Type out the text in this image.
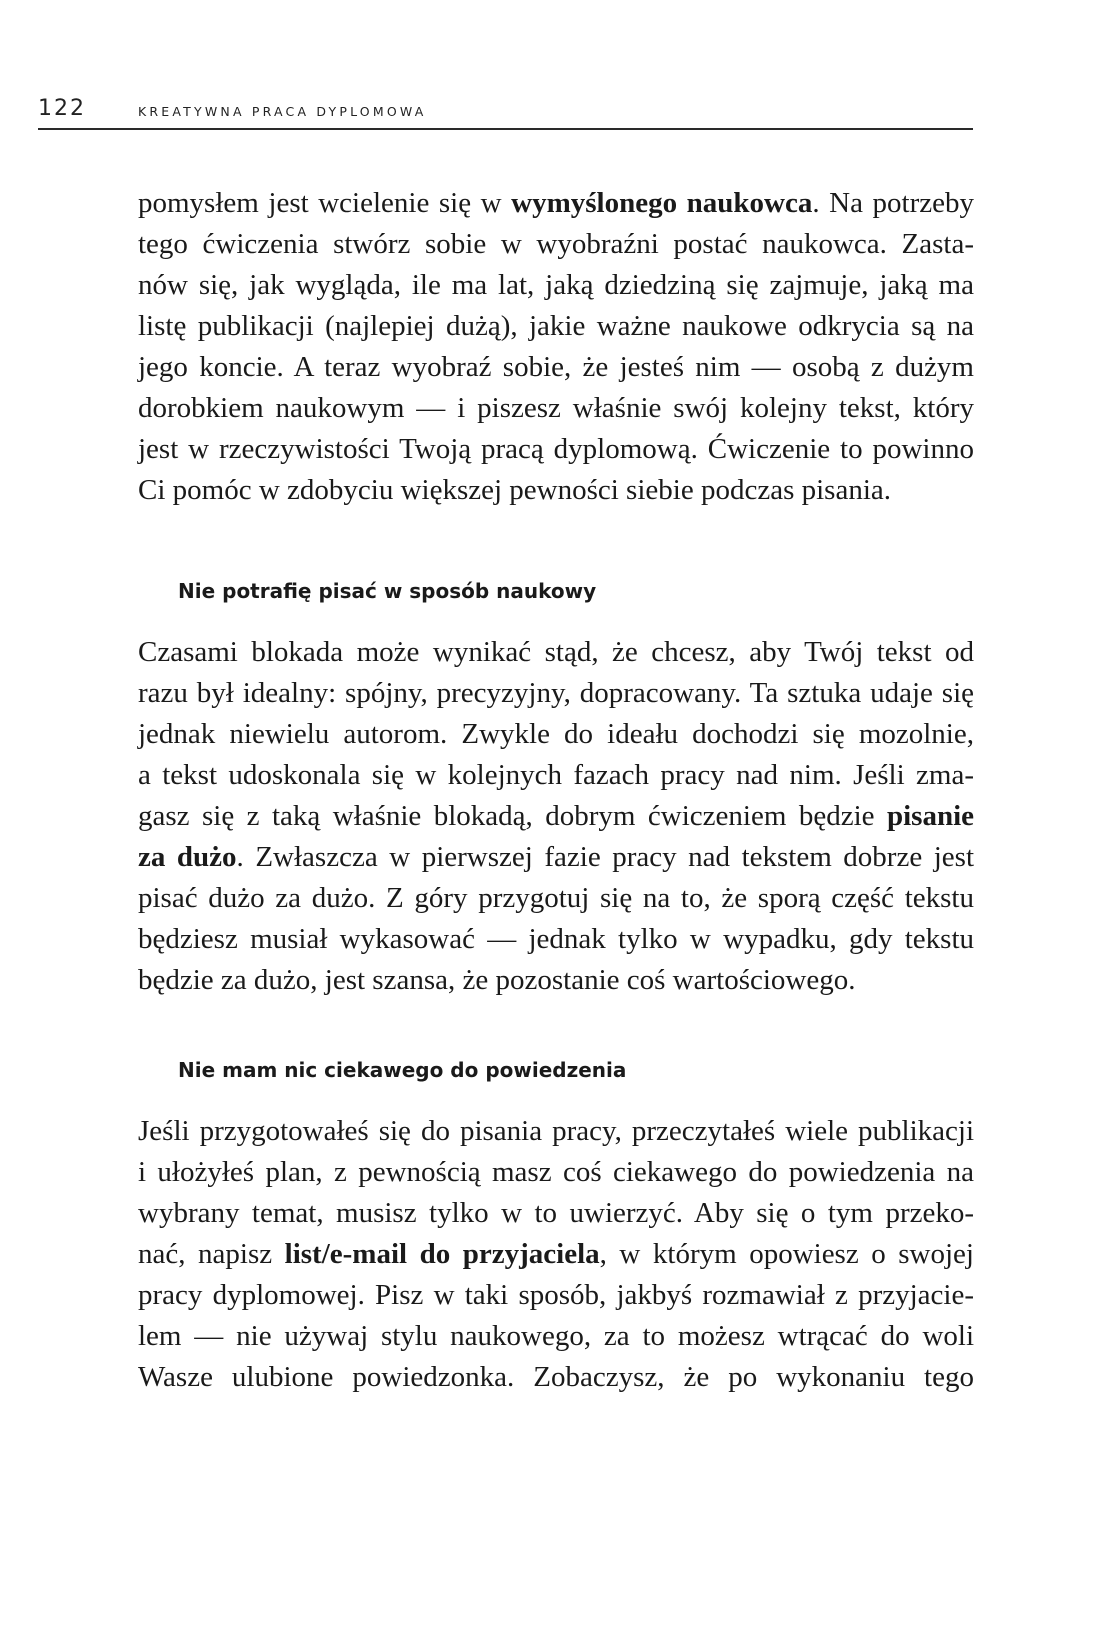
122	KREATYWNA PRACA DYPLOMOWA

pomysłem jest wcielenie się w wymyślonego naukowca. Na potrzeby
tego ćwiczenia stwórz sobie w wyobraźni postać naukowca. Zasta-
nów się, jak wygląda, ile ma lat, jaką dziedziną się zajmuje, jaką ma
listę publikacji (najlepiej dużą), jakie ważne naukowe odkrycia są na
jego koncie. A teraz wyobraź sobie, że jesteś nim — osobą z dużym
dorobkiem naukowym — i piszesz właśnie swój kolejny tekst, który
jest w rzeczywistości Twoją pracą dyplomową. Ćwiczenie to powinno
Ci pomóc w zdobyciu większej pewności siebie podczas pisania.

Nie potrafię pisać w sposób naukowy

Czasami blokada może wynikać stąd, że chcesz, aby Twój tekst od
razu był idealny: spójny, precyzyjny, dopracowany. Ta sztuka udaje się
jednak niewielu autorom. Zwykle do ideału dochodzi się mozolnie,
a tekst udoskonala się w kolejnych fazach pracy nad nim. Jeśli zma-
gasz się z taką właśnie blokadą, dobrym ćwiczeniem będzie pisanie
za dużo. Zwłaszcza w pierwszej fazie pracy nad tekstem dobrze jest
pisać dużo za dużo. Z góry przygotuj się na to, że sporą część tekstu
będziesz musiał wykasować — jednak tylko w wypadku, gdy tekstu
będzie za dużo, jest szansa, że pozostanie coś wartościowego.

Nie mam nic ciekawego do powiedzenia

Jeśli przygotowałeś się do pisania pracy, przeczytałeś wiele publikacji
i ułożyłeś plan, z pewnością masz coś ciekawego do powiedzenia na
wybrany temat, musisz tylko w to uwierzyć. Aby się o tym przeko-
nać, napisz list/e-mail do przyjaciela, w którym opowiesz o swojej
pracy dyplomowej. Pisz w taki sposób, jakbyś rozmawiał z przyjacie-
lem — nie używaj stylu naukowego, za to możesz wtrącać do woli
Wasze ulubione powiedzonka. Zobaczysz, że po wykonaniu tego
